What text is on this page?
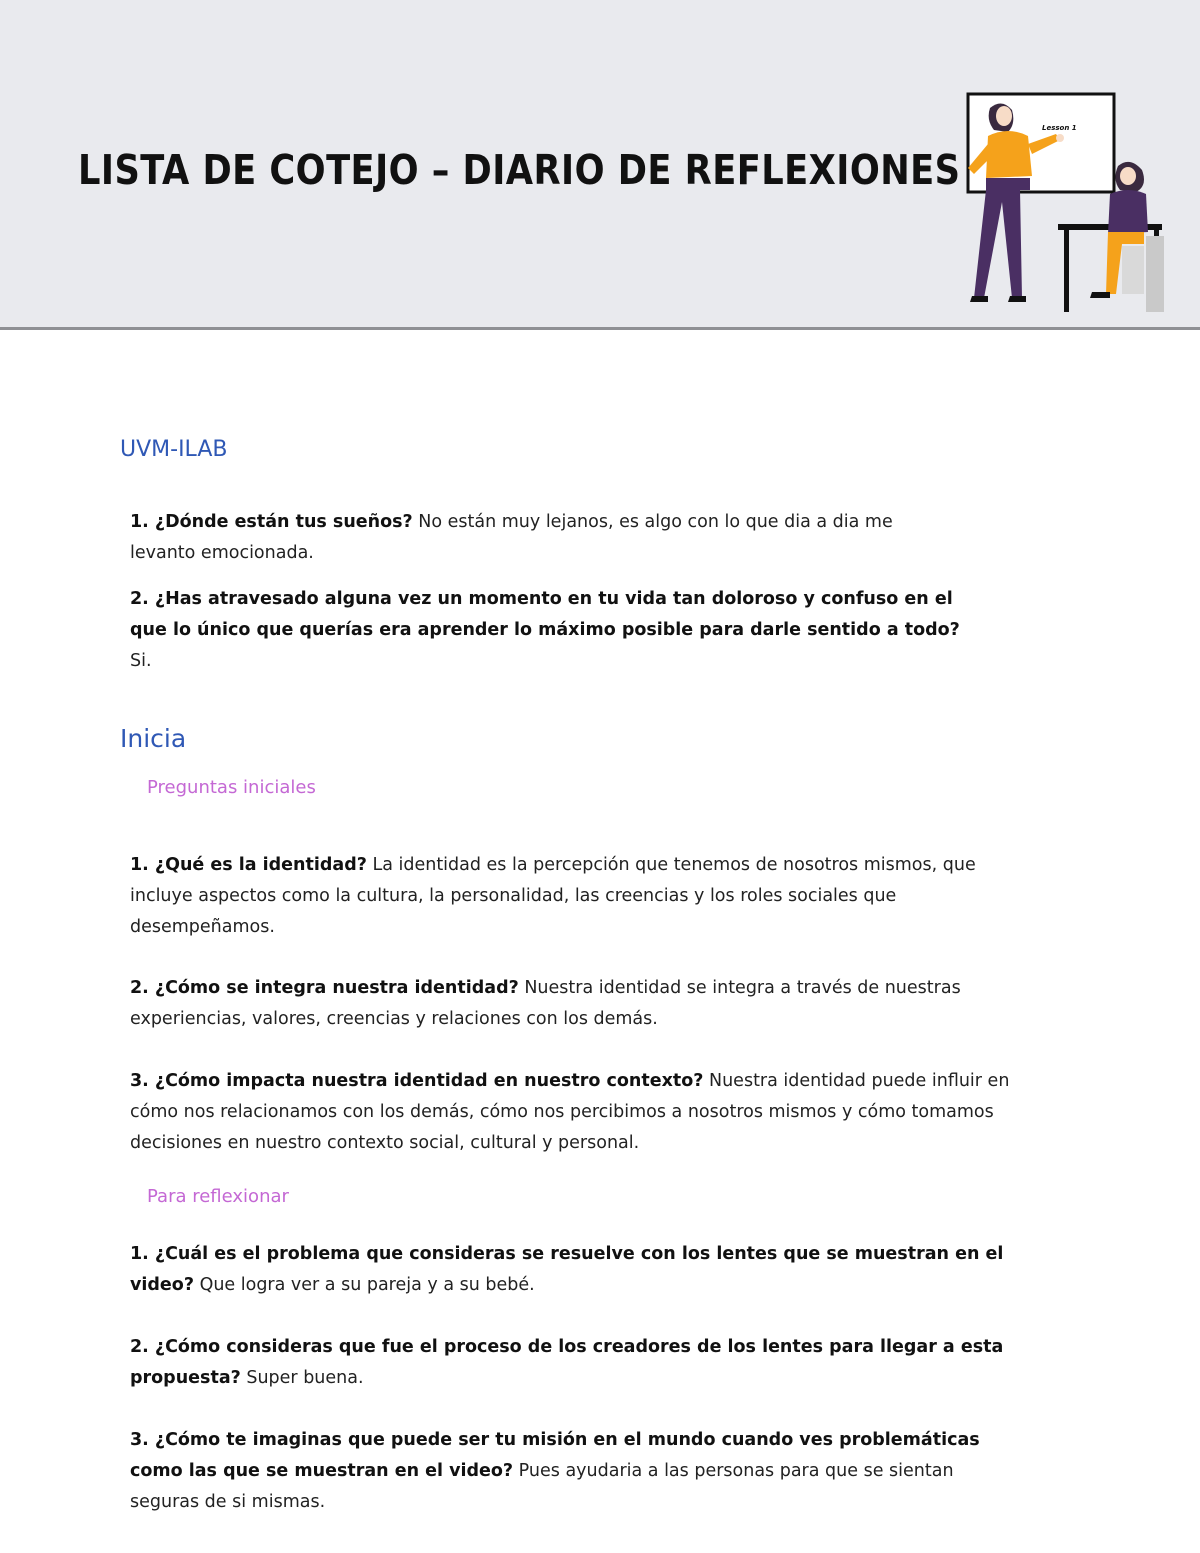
LISTA DE COTEJO – DIARIO DE REFLEXIONES
Lesson 1
UVM-ILAB
1. ¿Dónde están tus sueños? No están muy lejanos, es algo con lo que dia a dia me levanto emocionada.
2. ¿Has atravesado alguna vez un momento en tu vida tan doloroso y confuso en el que lo único que querías era aprender lo máximo posible para darle sentido a todo? Si.
Inicia
Preguntas iniciales
1. ¿Qué es la identidad? La identidad es la percepción que tenemos de nosotros mismos, que incluye aspectos como la cultura, la personalidad, las creencias y los roles sociales que desempeñamos.
2. ¿Cómo se integra nuestra identidad? Nuestra identidad se integra a través de nuestras experiencias, valores, creencias y relaciones con los demás.
3. ¿Cómo impacta nuestra identidad en nuestro contexto? Nuestra identidad puede influir en cómo nos relacionamos con los demás, cómo nos percibimos a nosotros mismos y cómo tomamos decisiones en nuestro contexto social, cultural y personal.
Para reflexionar
1. ¿Cuál es el problema que consideras se resuelve con los lentes que se muestran en el video? Que logra ver a su pareja y a su bebé.
2. ¿Cómo consideras que fue el proceso de los creadores de los lentes para llegar a esta propuesta? Super buena.
3. ¿Cómo te imaginas que puede ser tu misión en el mundo cuando ves problemáticas como las que se muestran en el video? Pues ayudaria a las personas para que se sientan seguras de si mismas.
